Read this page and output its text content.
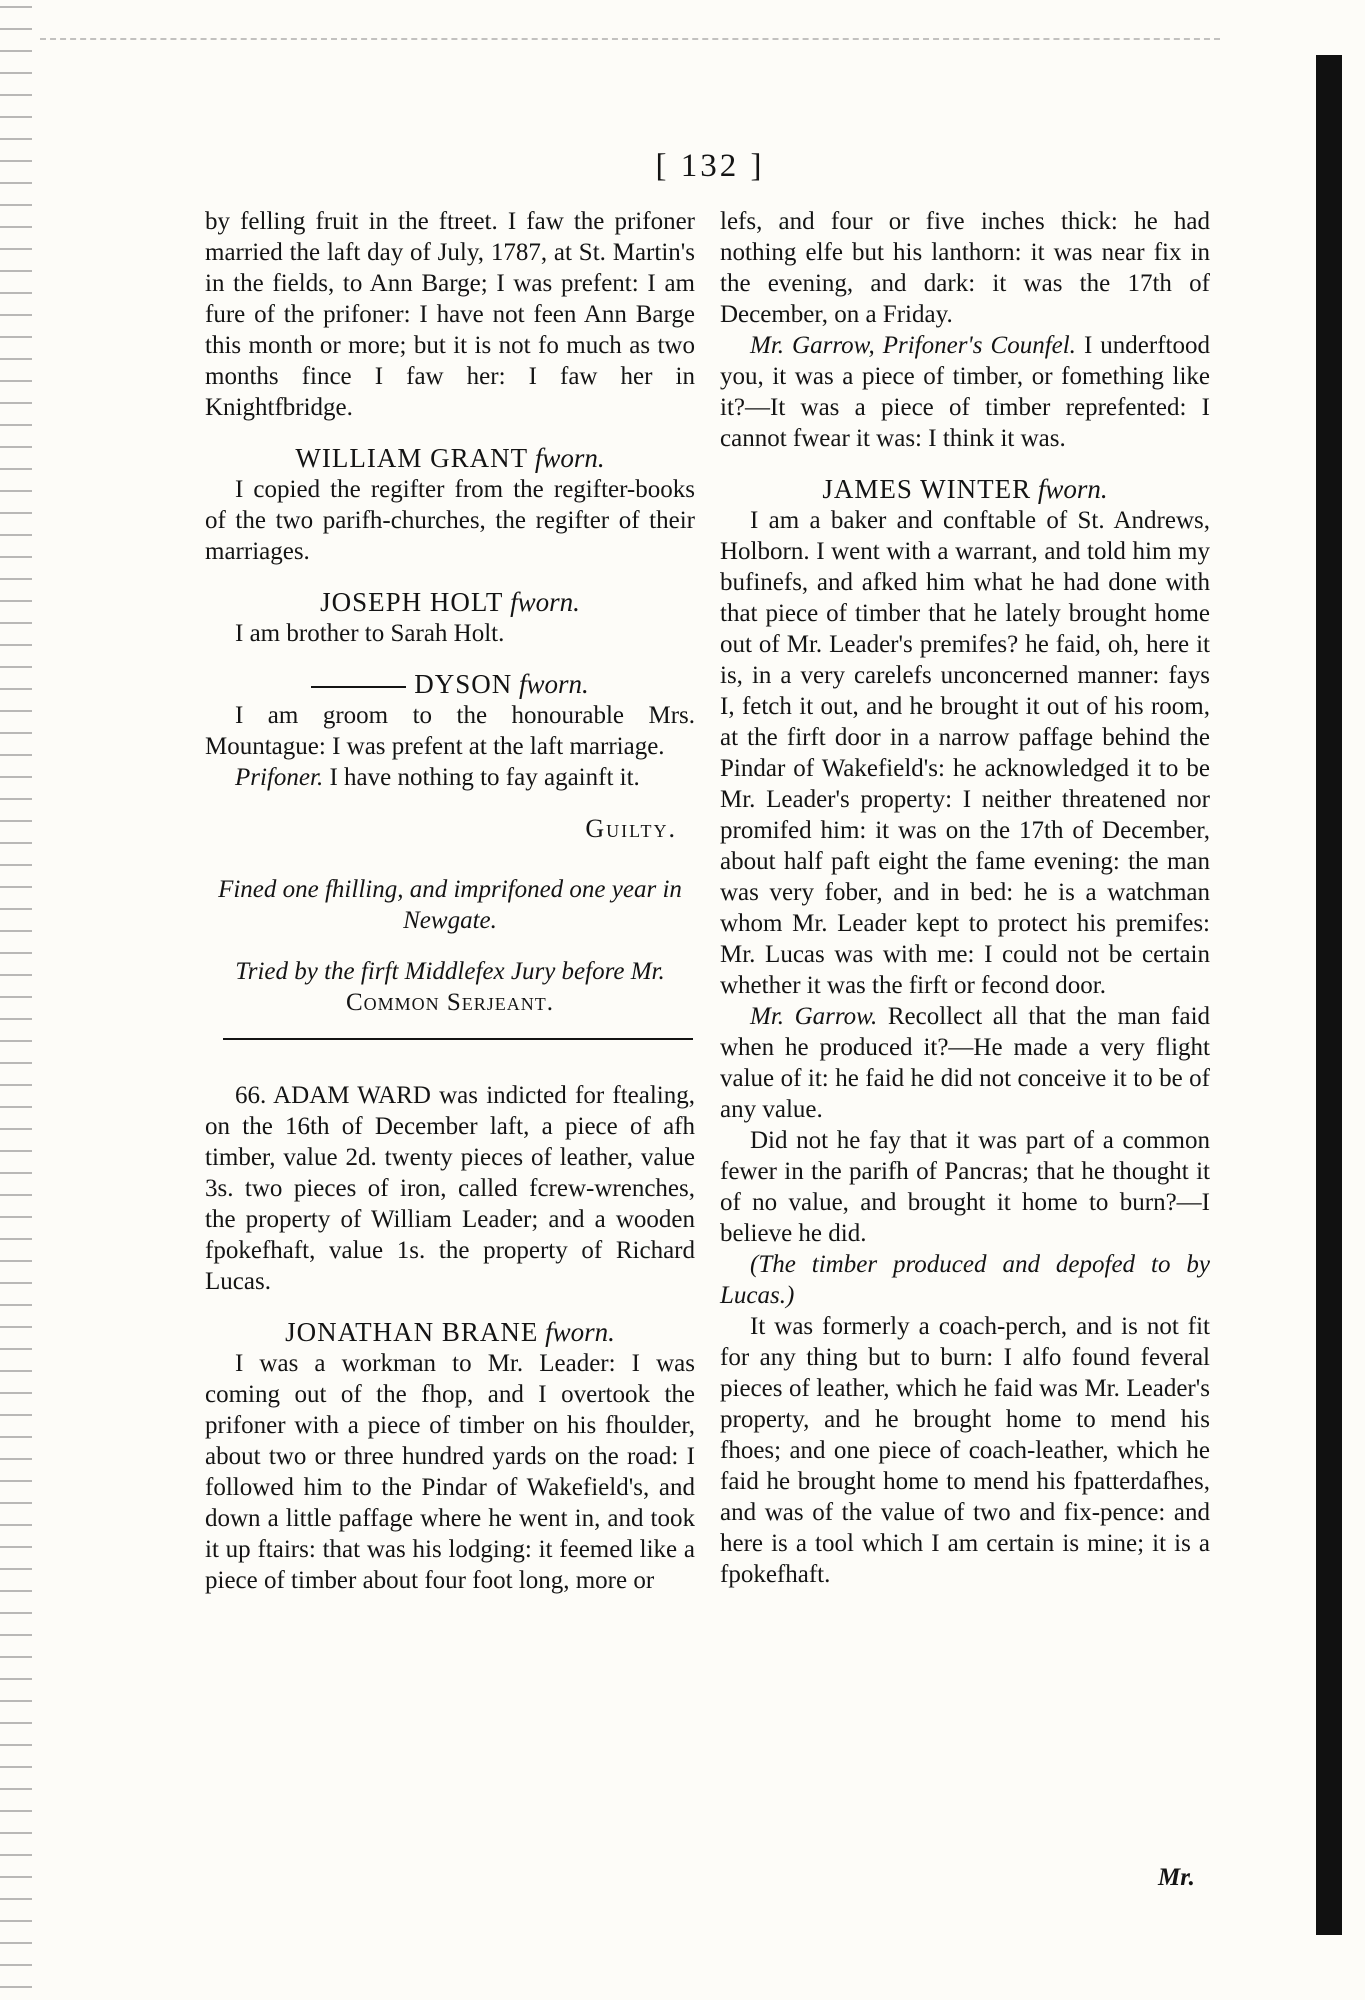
[ 132 ]

by felling fruit in the ftreet. I faw the prifoner married the laft day of July, 1787, at St. Martin's in the fields, to Ann Barge; I was prefent: I am fure of the prifoner: I have not feen Ann Barge this month or more; but it is not fo much as two months fince I faw her: I faw her in Knightfbridge.

WILLIAM GRANT fworn.

I copied the regifter from the regifter-books of the two parifh-churches, the regifter of their marriages.

JOSEPH HOLT fworn.

I am brother to Sarah Holt.

DYSON fworn.

I am groom to the honourable Mrs. Mountague: I was prefent at the laft marriage.

Prifoner. I have nothing to fay againft it.

Guilty.

Fined one fhilling, and imprifoned one year in Newgate.

Tried by the firft Middlefex Jury before Mr. Common Serjeant.

66. ADAM WARD was indicted for ftealing, on the 16th of December laft, a piece of afh timber, value 2d. twenty pieces of leather, value 3s. two pieces of iron, called fcrew-wrenches, the property of William Leader; and a wooden fpokefhaft, value 1s. the property of Richard Lucas.

JONATHAN BRANE fworn.

I was a workman to Mr. Leader: I was coming out of the fhop, and I overtook the prifoner with a piece of timber on his fhoulder, about two or three hundred yards on the road: I followed him to the Pindar of Wakefield's, and down a little paffage where he went in, and took it up ftairs: that was his lodging: it feemed like a piece of timber about four foot long, more or

lefs, and four or five inches thick: he had nothing elfe but his lanthorn: it was near fix in the evening, and dark: it was the 17th of December, on a Friday.

Mr. Garrow, Prifoner's Counfel. I underftood you, it was a piece of timber, or fomething like it?—It was a piece of timber reprefented: I cannot fwear it was: I think it was.

JAMES WINTER fworn.

I am a baker and conftable of St. Andrews, Holborn. I went with a warrant, and told him my bufinefs, and afked him what he had done with that piece of timber that he lately brought home out of Mr. Leader's premifes? he faid, oh, here it is, in a very carelefs unconcerned manner: fays I, fetch it out, and he brought it out of his room, at the firft door in a narrow paffage behind the Pindar of Wakefield's: he acknowledged it to be Mr. Leader's property: I neither threatened nor promifed him: it was on the 17th of December, about half paft eight the fame evening: the man was very fober, and in bed: he is a watchman whom Mr. Leader kept to protect his premifes: Mr. Lucas was with me: I could not be certain whether it was the firft or fecond door.

Mr. Garrow. Recollect all that the man faid when he produced it?—He made a very flight value of it: he faid he did not conceive it to be of any value.

Did not he fay that it was part of a common fewer in the parifh of Pancras; that he thought it of no value, and brought it home to burn?—I believe he did.

(The timber produced and depofed to by Lucas.)

It was formerly a coach-perch, and is not fit for any thing but to burn: I alfo found feveral pieces of leather, which he faid was Mr. Leader's property, and he brought home to mend his fhoes; and one piece of coach-leather, which he faid he brought home to mend his fpatterdafhes, and was of the value of two and fix-pence: and here is a tool which I am certain is mine; it is a fpokefhaft.

Mr.
